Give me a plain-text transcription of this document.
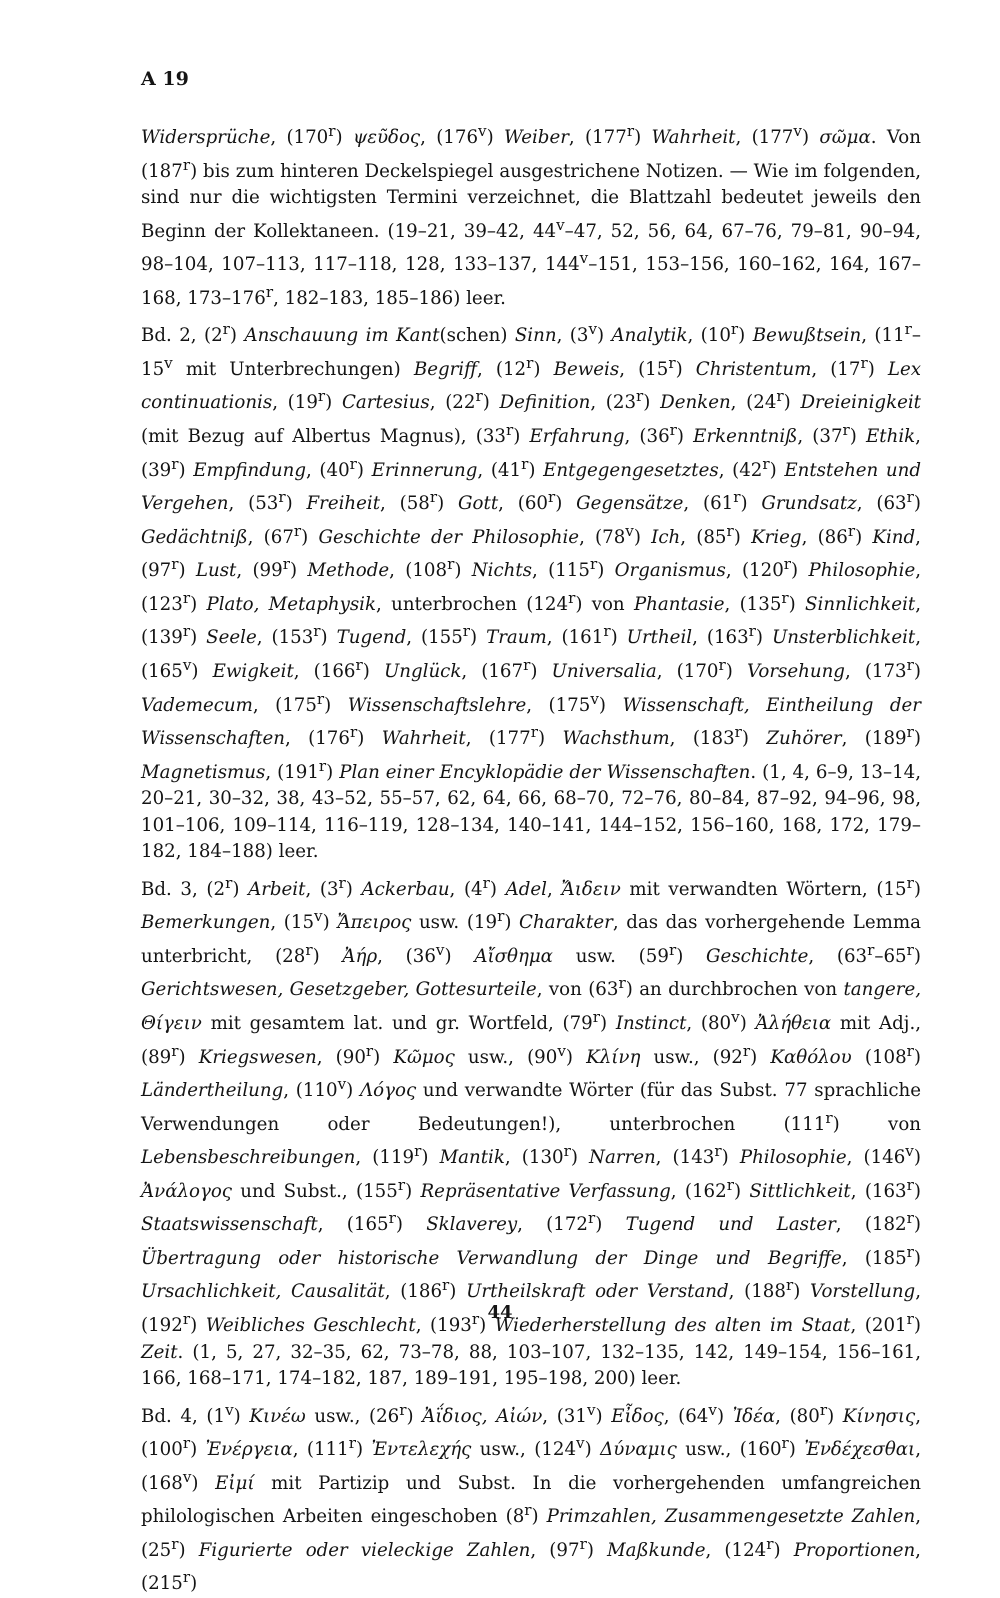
A 19

Widersprüche, (170$^r$) ψεῦδος, (176$^v$) Weiber, (177$^r$) Wahrheit, (177$^v$) σῶμα. Von (187$^r$) bis zum hinteren Deckelspiegel ausgestrichene Notizen. — Wie im folgenden, sind nur die wichtigsten Termini verzeichnet, die Blattzahl bedeutet jeweils den Beginn der Kollektaneen. (19–21, 39–42, 44$^v$–47, 52, 56, 64, 67–76, 79–81, 90–94, 98–104, 107–113, 117–118, 128, 133–137, 144$^v$–151, 153–156, 160–162, 164, 167–168, 173–176$^r$, 182–183, 185–186) leer.

Bd. 2, (2$^r$) Anschauung im Kant(schen) Sinn, (3$^v$) Analytik, (10$^r$) Bewußtsein, (11$^r$–15$^v$ mit Unterbrechungen) Begriff, (12$^r$) Beweis, (15$^r$) Christentum, (17$^r$) Lex continuationis, (19$^r$) Cartesius, (22$^r$) Definition, (23$^r$) Denken, (24$^r$) Dreieinigkeit (mit Bezug auf Albertus Magnus), (33$^r$) Erfahrung, (36$^r$) Erkenntniß, (37$^r$) Ethik, (39$^r$) Empfindung, (40$^r$) Erinnerung, (41$^r$) Entgegengesetztes, (42$^r$) Entstehen und Vergehen, (53$^r$) Freiheit, (58$^r$) Gott, (60$^r$) Gegensätze, (61$^r$) Grundsatz, (63$^r$) Gedächtniß, (67$^r$) Geschichte der Philosophie, (78$^v$) Ich, (85$^r$) Krieg, (86$^r$) Kind, (97$^r$) Lust, (99$^r$) Methode, (108$^r$) Nichts, (115$^r$) Organismus, (120$^r$) Philosophie, (123$^r$) Plato, Metaphysik, unterbrochen (124$^r$) von Phantasie, (135$^r$) Sinnlichkeit, (139$^r$) Seele, (153$^r$) Tugend, (155$^r$) Traum, (161$^r$) Urtheil, (163$^r$) Unsterblichkeit, (165$^v$) Ewigkeit, (166$^r$) Unglück, (167$^r$) Universalia, (170$^r$) Vorsehung, (173$^r$) Vademecum, (175$^r$) Wissenschaftslehre, (175$^v$) Wissenschaft, Eintheilung der Wissenschaften, (176$^r$) Wahrheit, (177$^r$) Wachsthum, (183$^r$) Zuhörer, (189$^r$) Magnetismus, (191$^r$) Plan einer Encyklopädie der Wissenschaften. (1, 4, 6–9, 13–14, 20–21, 30–32, 38, 43–52, 55–57, 62, 64, 66, 68–70, 72–76, 80–84, 87–92, 94–96, 98, 101–106, 109–114, 116–119, 128–134, 140–141, 144–152, 156–160, 168, 172, 179–182, 184–188) leer.

Bd. 3, (2$^r$) Arbeit, (3$^r$) Ackerbau, (4$^r$) Adel, Ἄιδειν mit verwandten Wörtern, (15$^r$) Bemerkungen, (15$^v$) Ἄπειρος usw. (19$^r$) Charakter, das das vorhergehende Lemma unterbricht, (28$^r$) Ἀήρ, (36$^v$) Αἴσθημα usw. (59$^r$) Geschichte, (63$^r$–65$^r$) Gerichtswesen, Gesetzgeber, Gottesurteile, von (63$^r$) an durchbrochen von tangere, Θίγειν mit gesamtem lat. und gr. Wortfeld, (79$^r$) Instinct, (80$^v$) Ἀλήθεια mit Adj., (89$^r$) Kriegswesen, (90$^r$) Κῶμος usw., (90$^v$) Κλίνη usw., (92$^r$) Καθόλου (108$^r$) Ländertheilung, (110$^v$) Λόγος und verwandte Wörter (für das Subst. 77 sprachliche Verwendungen oder Bedeutungen!), unterbrochen (111$^r$) von Lebensbeschreibungen, (119$^r$) Mantik, (130$^r$) Narren, (143$^r$) Philosophie, (146$^v$) Ἀνάλογος und Subst., (155$^r$) Repräsentative Verfassung, (162$^r$) Sittlichkeit, (163$^r$) Staatswissenschaft, (165$^r$) Sklaverey, (172$^r$) Tugend und Laster, (182$^r$) Übertragung oder historische Verwandlung der Dinge und Begriffe, (185$^r$) Ursachlichkeit, Causalität, (186$^r$) Urtheilskraft oder Verstand, (188$^r$) Vorstellung, (192$^r$) Weibliches Geschlecht, (193$^r$) Wiederherstellung des alten im Staat, (201$^r$) Zeit. (1, 5, 27, 32–35, 62, 73–78, 88, 103–107, 132–135, 142, 149–154, 156–161, 166, 168–171, 174–182, 187, 189–191, 195–198, 200) leer.

Bd. 4, (1$^v$) Κινέω usw., (26$^r$) Ἀΐδιος, Αἰών, (31$^v$) Εἶδος, (64$^v$) Ἰδέα, (80$^r$) Κίνησις, (100$^r$) Ἐνέργεια, (111$^r$) Ἐντελεχής usw., (124$^v$) Δύναμις usw., (160$^r$) Ἐνδέχεσθαι, (168$^v$) Εἰμί mit Partizip und Subst. In die vorhergehenden umfangreichen philologischen Arbeiten eingeschoben (8$^r$) Primzahlen, Zusammengesetzte Zahlen, (25$^r$) Figurierte oder vieleckige Zahlen, (97$^r$) Maßkunde, (124$^r$) Proportionen, (215$^r$)

44
